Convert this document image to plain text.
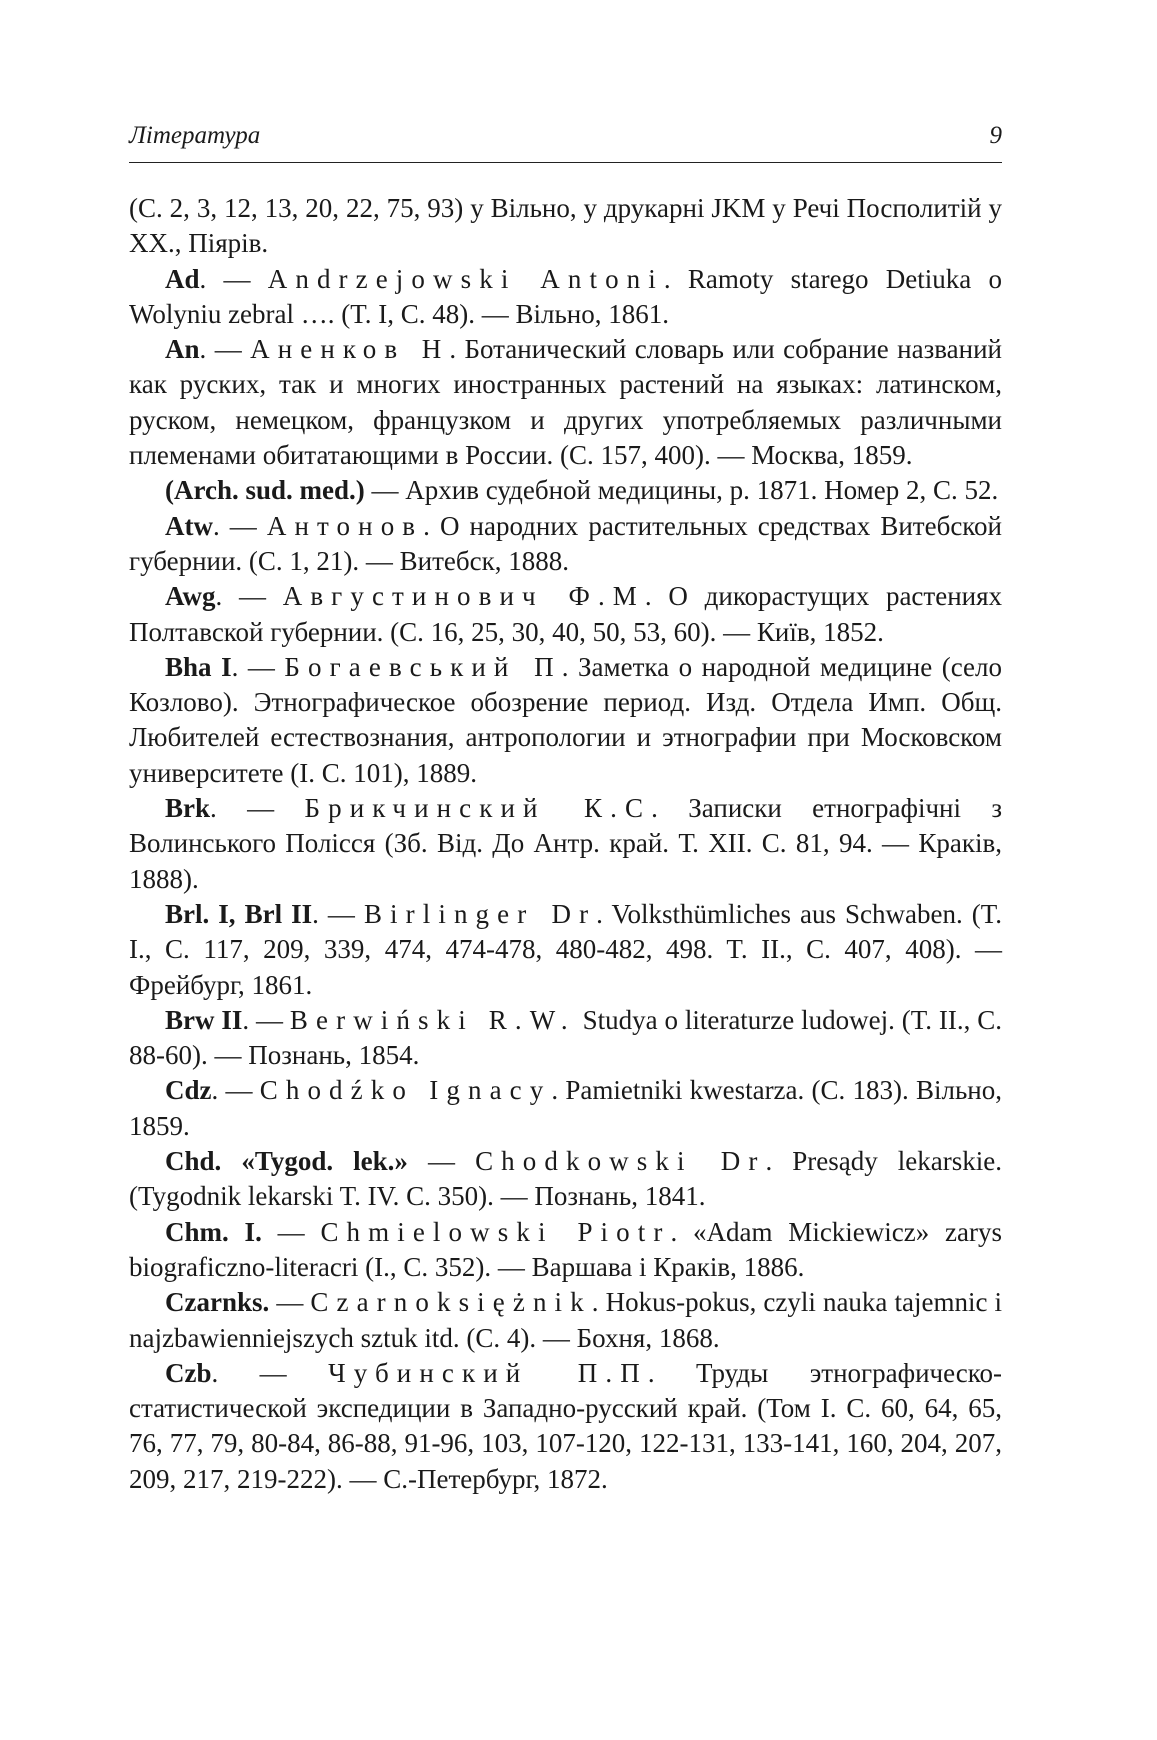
Література	9

(С. 2, 3, 12, 13, 20, 22, 75, 93) у Вільно, у друкарні JKM у Речі Посполитій у XX., Піярів.

Ad. — Andrzejowski Antoni. Ramoty starego Detiuka o Wolyniu zebral …. (T. I, C. 48). — Вільно, 1861.

An. — Аненков Н. Ботанический словарь или собрание названий как руских, так и многих иностранных растений на языках: латинском, руском, немецком, французком и других употребляемых различными племенами обитатающими в России. (С. 157, 400). — Москва, 1859.

(Arch. sud. med.) — Архив судебной медицины, р. 1871. Номер 2, С. 52.

Atw. — Антонов. О народних растительных средствах Витебской губернии. (С. 1, 21). — Витебск, 1888.

Awg. — Августинович Ф.М. О дикорастущих растениях Полтавской губернии. (С. 16, 25, 30, 40, 50, 53, 60). — Київ, 1852.

Bha I. — Богаевський П. Заметка о народной медицине (село Козлово). Этнографическое обозрение период. Изд. Отдела Имп. Общ. Любителей естествознания, антропологии и этнографии при Московском университете (I. С. 101), 1889.

Brk. — Брикчинский К.С. Записки етнографічні з Волинського Полісся (Зб. Від. До Антр. край. Т. XII. С. 81, 94. — Краків, 1888).

Brl. I, Brl II. — Birlinger Dr. Volksthümliches aus Schwaben. (T. I., C. 117, 209, 339, 474, 474-478, 480-482, 498. T. II., C. 407, 408). — Фрейбург, 1861.

Brw II. — Berwiński R.W. Studya o literaturze ludowej. (T. II., C. 88-60). — Познань, 1854.

Cdz. — Chodźko Ignacy. Pamietniki kwestarza. (C. 183). Вільно, 1859.

Chd. «Tygod. lek.» — Chodkowski Dr. Presądy lekarskie. (Tygodnik lekarski T. IV. C. 350). — Познань, 1841.

Chm. I. — Chmielowski Piotr. «Adam Mickiewicz» zarys biograficzno-literacri (I., C. 352). — Варшава і Краків, 1886.

Czarnks. — Czarnoksiężnik. Hokus-pokus, czyli nauka tajemnic i najzbawienniejszych sztuk itd. (C. 4). — Бохня, 1868.

Czb. — Чубинский П.П. Труды этнографическо-статистической экспедиции в Западно-русский край. (Том I. С. 60, 64, 65, 76, 77, 79, 80-84, 86-88, 91-96, 103, 107-120, 122-131, 133-141, 160, 204, 207, 209, 217, 219-222). — С.-Петербург, 1872.
